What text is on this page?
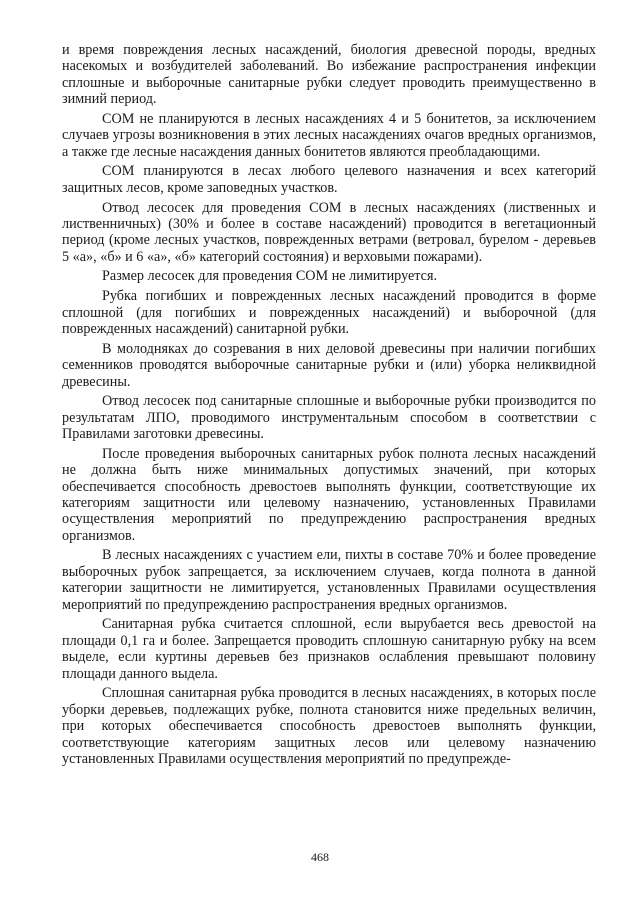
и время повреждения лесных насаждений, биология древесной породы, вредных насекомых и возбудителей заболеваний. Во избежание распространения инфекции сплошные и выборочные санитарные рубки следует проводить преимущественно в зимний период.

СОМ не планируются в лесных насаждениях 4 и 5 бонитетов, за исключением случаев угрозы возникновения в этих лесных насаждениях очагов вредных организмов, а также где лесные насаждения данных бонитетов являются преобладающими.

СОМ планируются в лесах любого целевого назначения и всех категорий защитных лесов, кроме заповедных участков.

Отвод лесосек для проведения СОМ в лесных насаждениях (лиственных и лиственничных) (30% и более в составе насаждений) проводится в вегетационный период (кроме лесных участков, поврежденных ветрами (ветровал, бурелом - деревьев 5 «а», «б» и 6 «а», «б» категорий состояния) и верховыми пожарами).

Размер лесосек для проведения СОМ не лимитируется.

Рубка погибших и поврежденных лесных насаждений проводится в форме сплошной (для погибших и поврежденных насаждений) и выборочной (для поврежденных насаждений) санитарной рубки.

В молодняках до созревания в них деловой древесины при наличии погибших семенников проводятся выборочные санитарные рубки и (или) уборка неликвидной древесины.

Отвод лесосек под санитарные сплошные и выборочные рубки производится по результатам ЛПО, проводимого инструментальным способом в соответствии с Правилами заготовки древесины.

После проведения выборочных санитарных рубок полнота лесных насаждений не должна быть ниже минимальных допустимых значений, при которых обеспечивается способность древостоев выполнять функции, соответствующие их категориям защитности или целевому назначению, установленных Правилами осуществления мероприятий по предупреждению распространения вредных организмов.

В лесных насаждениях с участием ели, пихты в составе 70% и более проведение выборочных рубок запрещается, за исключением случаев, когда полнота в данной категории защитности не лимитируется, установленных Правилами осуществления мероприятий по предупреждению распространения вредных организмов.

Санитарная рубка считается сплошной, если вырубается весь древостой на площади 0,1 га и более. Запрещается проводить сплошную санитарную рубку на всем выделе, если куртины деревьев без признаков ослабления превышают половину площади данного выдела.

Сплошная санитарная рубка проводится в лесных насаждениях, в которых после уборки деревьев, подлежащих рубке, полнота становится ниже предельных величин, при которых обеспечивается способность древостоев выполнять функции, соответствующие категориям защитных лесов или целевому назначению установленных Правилами осуществления мероприятий по предупрежде-

468
